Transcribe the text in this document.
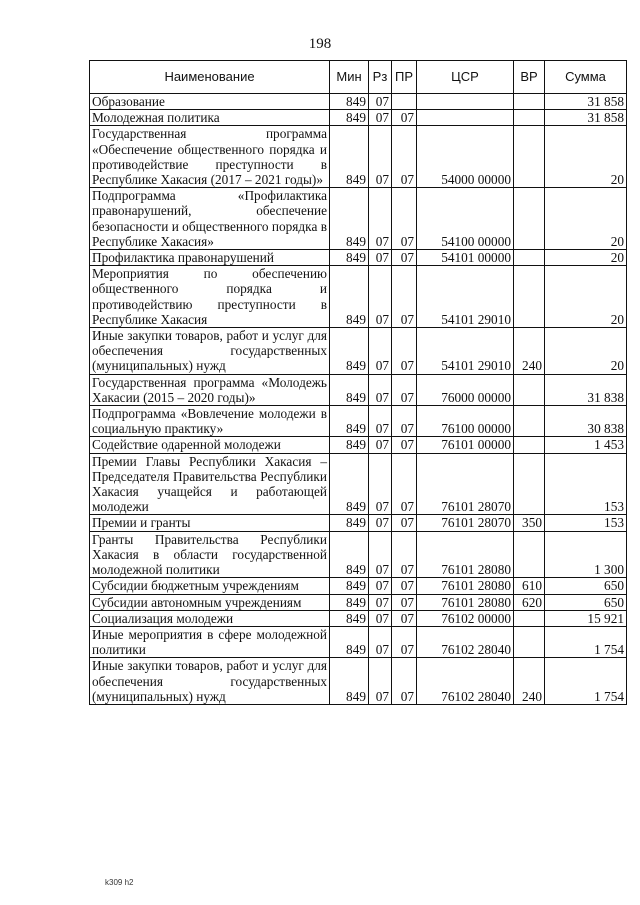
198
Наименование	Мин	Рз	ПР	ЦСР	ВР	Сумма
Образование	849	07				31 858
Молодежная политика	849	07	07			31 858
Государственная программа «Обеспечение общественного порядка и противодействие преступности в Республике Хакасия (2017 – 2021 годы)»	849	07	07	54000 00000		20
Подпрограмма «Профилактика правонарушений, обеспечение безопасности и общественного порядка в Республике Хакасия»	849	07	07	54100 00000		20
Профилактика правонарушений	849	07	07	54101 00000		20
Мероприятия по обеспечению общественного порядка и противодействию преступности в Республике Хакасия	849	07	07	54101 29010		20
Иные закупки товаров, работ и услуг для обеспечения государственных (муниципальных) нужд	849	07	07	54101 29010	240	20
Государственная программа «Молодежь Хакасии (2015 – 2020 годы)»	849	07	07	76000 00000		31 838
Подпрограмма «Вовлечение молодежи в социальную практику»	849	07	07	76100 00000		30 838
Содействие одаренной молодежи	849	07	07	76101 00000		1 453
Премии Главы Республики Хакасия – Председателя Правительства Республики Хакасия учащейся и работающей молодежи	849	07	07	76101 28070		153
Премии и гранты	849	07	07	76101 28070	350	153
Гранты Правительства Республики Хакасия в области государственной молодежной политики	849	07	07	76101 28080		1 300
Субсидии бюджетным учреждениям	849	07	07	76101 28080	610	650
Субсидии автономным учреждениям	849	07	07	76101 28080	620	650
Социализация молодежи	849	07	07	76102 00000		15 921
Иные мероприятия в сфере молодежной политики	849	07	07	76102 28040		1 754
Иные закупки товаров, работ и услуг для обеспечения государственных (муниципальных) нужд	849	07	07	76102 28040	240	1 754
k309 h2
